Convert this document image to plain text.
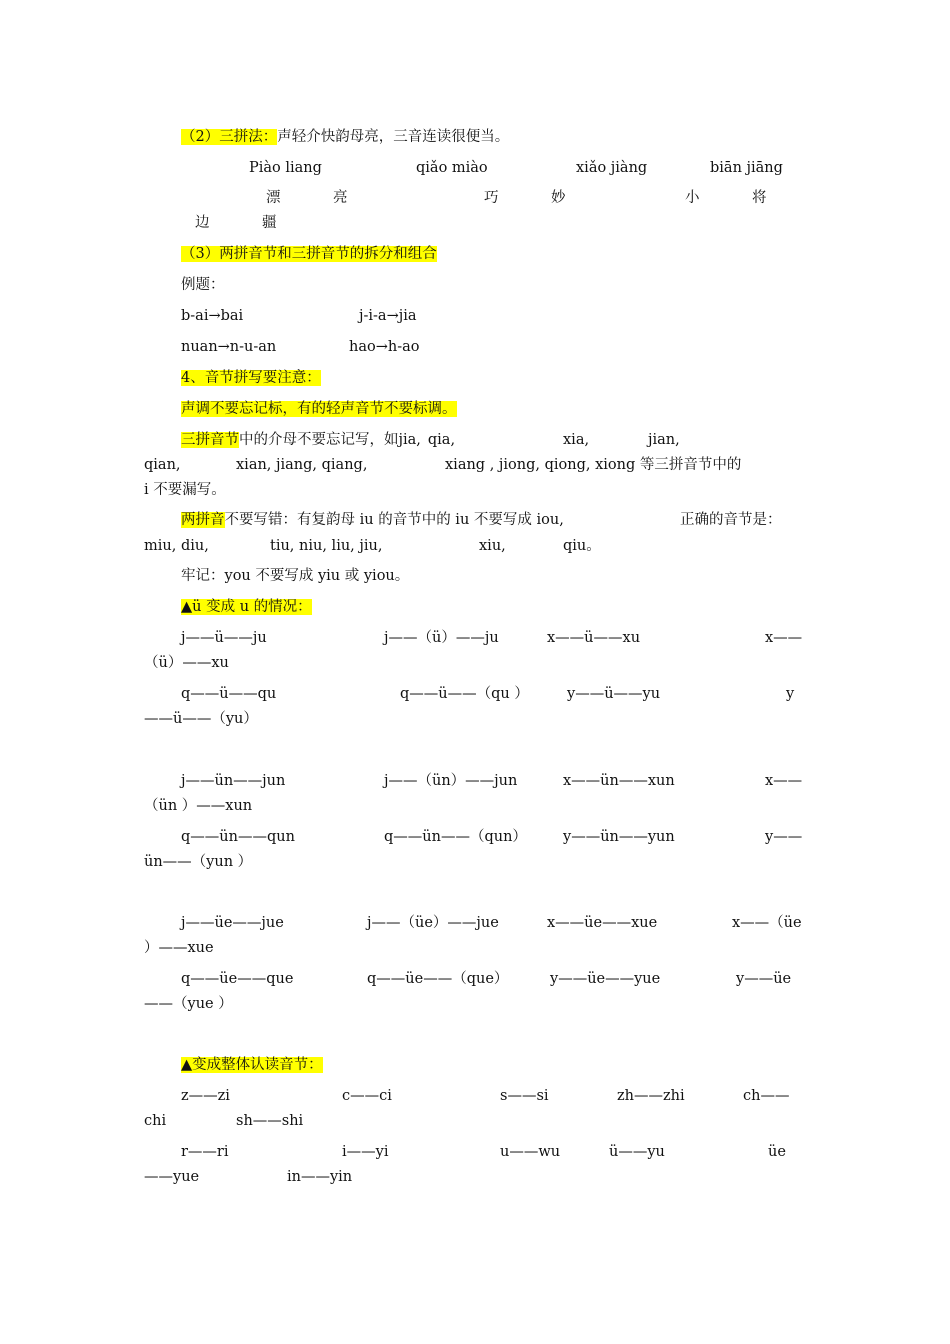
（2）三拼法：声轻介快韵母亮，三音连读很便当。
Piào liang	qiǎo miào	xiǎo jiàng	biān jiāng
漂	亮	巧	妙	小	将
边	疆
（3）两拼音节和三拼音节的拆分和组合
例题：
b-ai→bai	j-i-a→jia
nuan→n-u-an	hao→h-ao
4、音节拼写要注意：
声调不要忘记标，有的轻声音节不要标调。
三拼音节中的介母不要忘记写，如jia, qia,	xia,	jian,
qian,	xian, jiang, qiang,	xiang , jiong, qiong, xiong 等三拼音节中的
i 不要漏写。
两拼音不要写错：有复韵母 iu 的音节中的 iu 不要写成 iou,	正确的音节是：
miu, diu,	tiu, niu, liu, jiu,	xiu,	qiu。
牢记：you 不要写成 yiu 或 yiou。
▲ü 变成 u 的情况：
j——ü——ju	j——（ü）——ju	x——ü——xu	x——
（ü）——xu
q——ü——qu	q——ü——（qu ）	y——ü——yu	y
——ü——（yu）
j——ün——jun	j——（ün）——jun	x——ün——xun	x——
（ün ）——xun
q——ün——qun	q——ün——（qun） y——ün——yun	y——
ün——（yun ）
j——üe——jue	j——（üe）——jue	x——üe——xue	x——（üe
）——xue
q——üe——que	q——üe——（que）	y——üe——yue	y——üe
——（yue ）
▲变成整体认读音节：
z——zi	c——ci	s——si	zh——zhi	ch——
chi	sh——shi
r——ri	i——yi	u——wu	ü——yu	üe
——yue	in——yin
